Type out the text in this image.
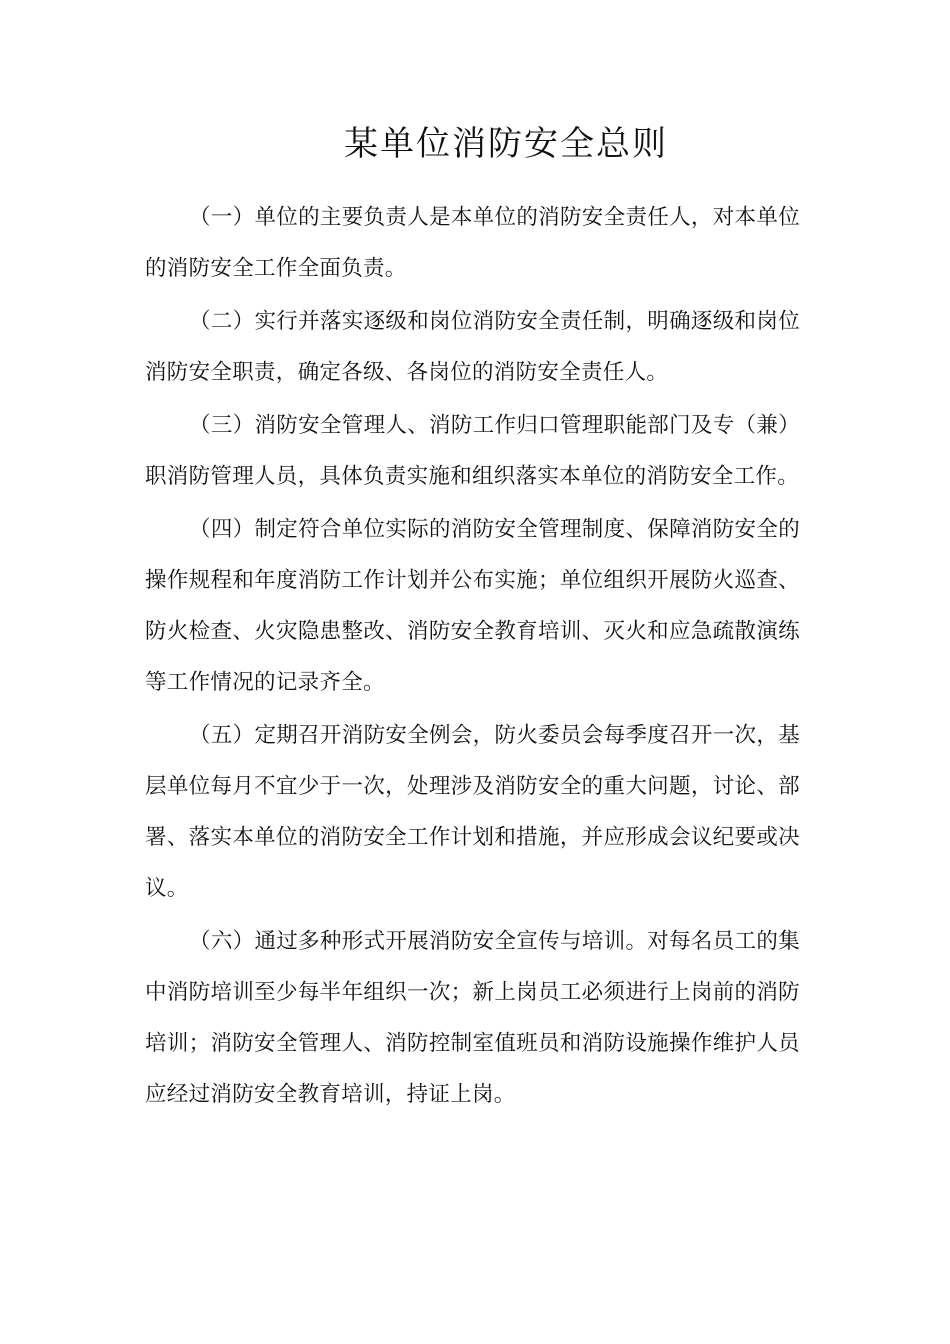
某单位消防安全总则

（一）单位的主要负责人是本单位的消防安全责任人，对本单位的消防安全工作全面负责。

（二）实行并落实逐级和岗位消防安全责任制，明确逐级和岗位消防安全职责，确定各级、各岗位的消防安全责任人。

（三）消防安全管理人、消防工作归口管理职能部门及专（兼）职消防管理人员，具体负责实施和组织落实本单位的消防安全工作。

（四）制定符合单位实际的消防安全管理制度、保障消防安全的操作规程和年度消防工作计划并公布实施；单位组织开展防火巡查、防火检查、火灾隐患整改、消防安全教育培训、灭火和应急疏散演练等工作情况的记录齐全。

（五）定期召开消防安全例会，防火委员会每季度召开一次，基层单位每月不宜少于一次，处理涉及消防安全的重大问题，讨论、部署、落实本单位的消防安全工作计划和措施，并应形成会议纪要或决议。

（六）通过多种形式开展消防安全宣传与培训。对每名员工的集中消防培训至少每半年组织一次；新上岗员工必须进行上岗前的消防培训；消防安全管理人、消防控制室值班员和消防设施操作维护人员应经过消防安全教育培训，持证上岗。
